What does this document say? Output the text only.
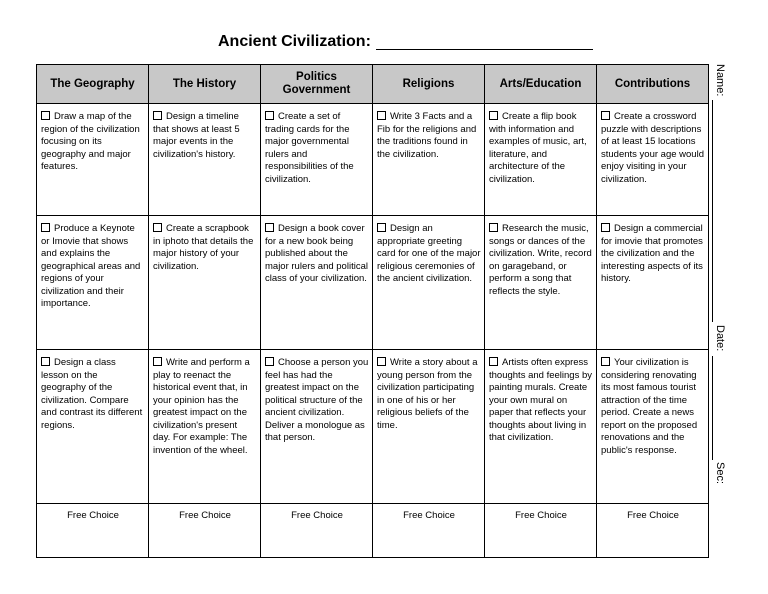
Ancient Civilization:
The Geography	The History	Politics Government	Religions	Arts/Education	Contributions
Draw a map of the region of the civilization focusing on its geography and major features.	Design a timeline that shows at least 5 major events in the civilization's history.	Create a set of trading cards for the major governmental rulers and responsibilities of the civilization.	Write 3 Facts and a Fib for the religions and the traditions found in the civilization.	Create a flip book with information and examples of music, art, literature, and architecture of the civilization.	Create a crossword puzzle with descriptions of at least 15 locations students your age would enjoy visiting in your civilization.
Produce a Keynote or Imovie that shows and explains the geographical areas and regions of your civilization and their importance.	Create a scrapbook in iphoto that details the major history of your civilization.	Design a book cover for a new book being published about the major rulers and political class of your civilization.	Design an appropriate greeting card for one of the major religious ceremonies of the ancient civilization.	Research the music, songs or dances of the civilization. Write, record on garageband, or perform a song that reflects the style.	Design a commercial for imovie that promotes the civilization and the interesting aspects of its history.
Design a class lesson on the geography of the civilization. Compare and contrast its different regions.	Write and perform a play to reenact the historical event that, in your opinion has the greatest impact on the civilization's present day. For example: The invention of the wheel.	Choose a person you feel has had the greatest impact on the political structure of the ancient civilization. Deliver a monologue as that person.	Write a story about a young person from the civilization participating in one of his or her religious beliefs of the time.	Artists often express thoughts and feelings by painting murals. Create your own mural on paper that reflects your thoughts about living in that civilization.	Your civilization is considering renovating its most famous tourist attraction of the time period. Create a news report on the proposed renovations and the public's response.
Free Choice	Free Choice	Free Choice	Free Choice	Free Choice	Free Choice
Name:
Date:
Sec:
